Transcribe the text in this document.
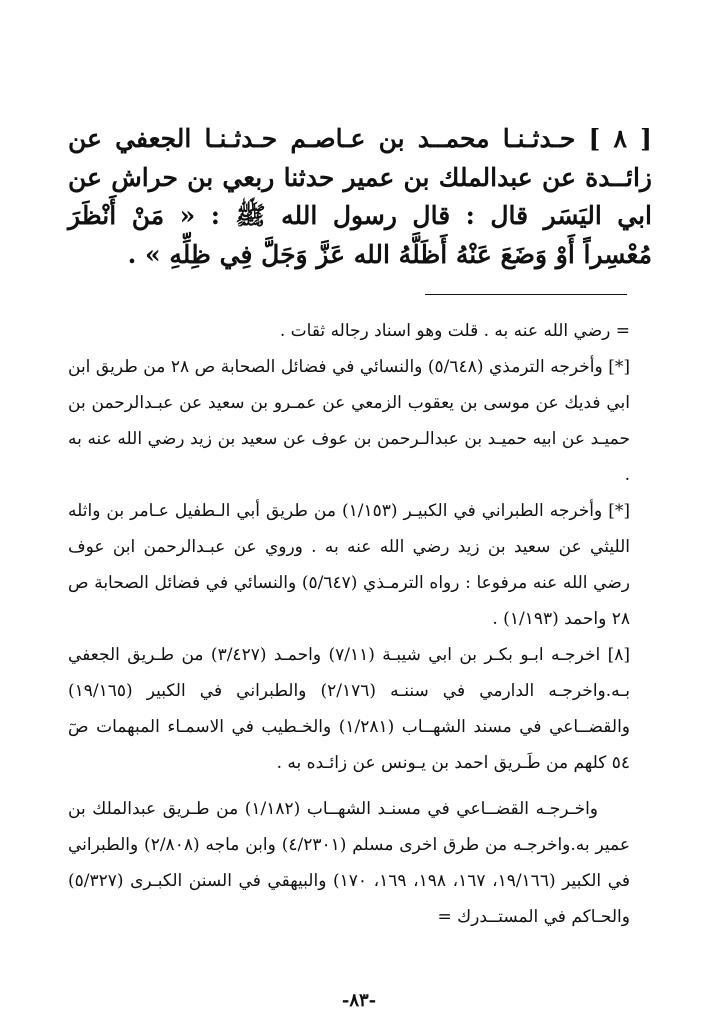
[ ٨ ] حـدثـنـا محمــد بن عـاصـم حـدثـنـا الجعفي عن زائــدة عن عبدالملك بن عمير حدثنا ربعي بن حراش عن ابي اليَسَر قال : قال رسول الله ﷺ : « مَنْ أَنْظَرَ مُعْسِراً أَوْ وَضَعَ عَنْهُ أَظَلَّهُ الله عَزَّ وَجَلَّ فِي ظِلِّهِ » .

= رضي الله عنه به . قلت وهو اسناد رجاله ثقات .

[*] وأخرجه الترمذي (٥/٦٤٨) والنسائي في فضائل الصحابة ص ٢٨ من طريق ابن ابي فديك عن موسى بن يعقوب الزمعي عن عمـرو بن سعيد عن عبـدالرحمن بن حميـد عن ابيه حميـد بن عبدالـرحمن بن عوف عن سعيد بن زيد رضي الله عنه به .

[*] وأخرجه الطبراني في الكبيـر (١/١٥٣) من طريق أبي الـطفيل عـامر بن واثله الليثي عن سعيد بن زيد رضي الله عنه به . وروي عن عبـدالرحمن ابن عوف رضي الله عنه مرفوعا : رواه الترمـذي (٥/٦٤٧) والنسائي في فضائل الصحابة ص ٢٨ واحمد (١/١٩٣) .

[٨] اخرجـه ابـو بكـر بن ابي شيبـة (٧/١١) واحمـد (٣/٤٢٧) من طـريق الجعفي بـه.واخرجـه الدارمي في سننـه (٢/١٧٦) والطبراني في الكبير (١٩/١٦٥) والقضــاعي في مسند الشهــاب (١/٢٨١) والخـطيب في الاسمـاء المبهمات صٓ ٥٤ كلهم من طَـريق احمد بن يـونس عن زائـده به .

واخـرجـه القضــاعي في مسنـد الشهــاب (١/١٨٢) من طـريق عبدالملك بن عمير به.واخرجـه من طرق اخرى مسلم (٤/٢٣٠١) وابن ماجه (٢/٨٠٨) والطبراني في الكبير (١٩/١٦٦، ١٦٧، ١٩٨، ١٦٩، ١٧٠) والبيهقي في السنن الكبـرى (٥/٣٢٧) والحـاكم في المستــدرك =

-٨٣-
